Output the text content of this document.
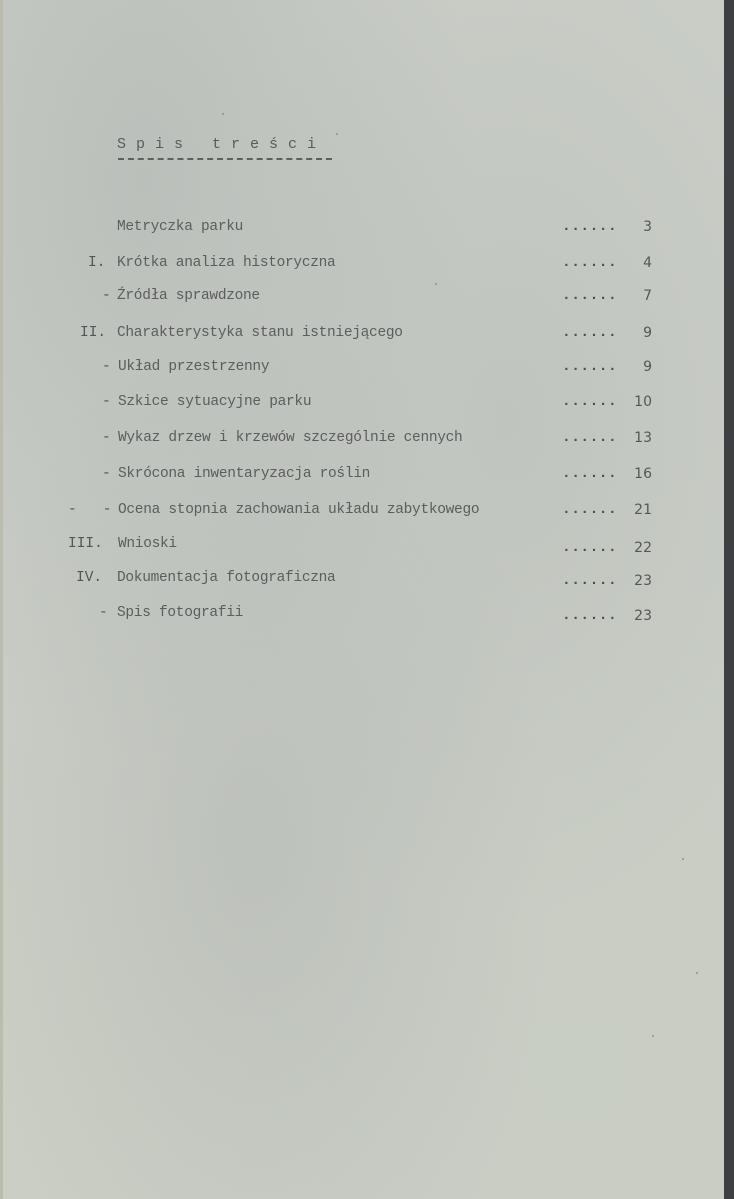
S p i s   t r e ś c i
Metryczka parku	...... 3
I. Krótka analiza historyczna	...... 4
- Źródła sprawdzone	...... 7
II. Charakterystyka stanu istniejącego	...... 9
- Układ przestrzenny	...... 9
- Szkice sytuacyjne parku	...... 10
- Wykaz drzew i krzewów szczególnie cennych	...... 13
- Skrócona inwentaryzacja roślin	...... 16
-   - Ocena stopnia zachowania układu zabytkowego	...... 21
III. Wnioski	...... 22
IV. Dokumentacja fotograficzna	...... 23
- Spis fotografii	...... 23
